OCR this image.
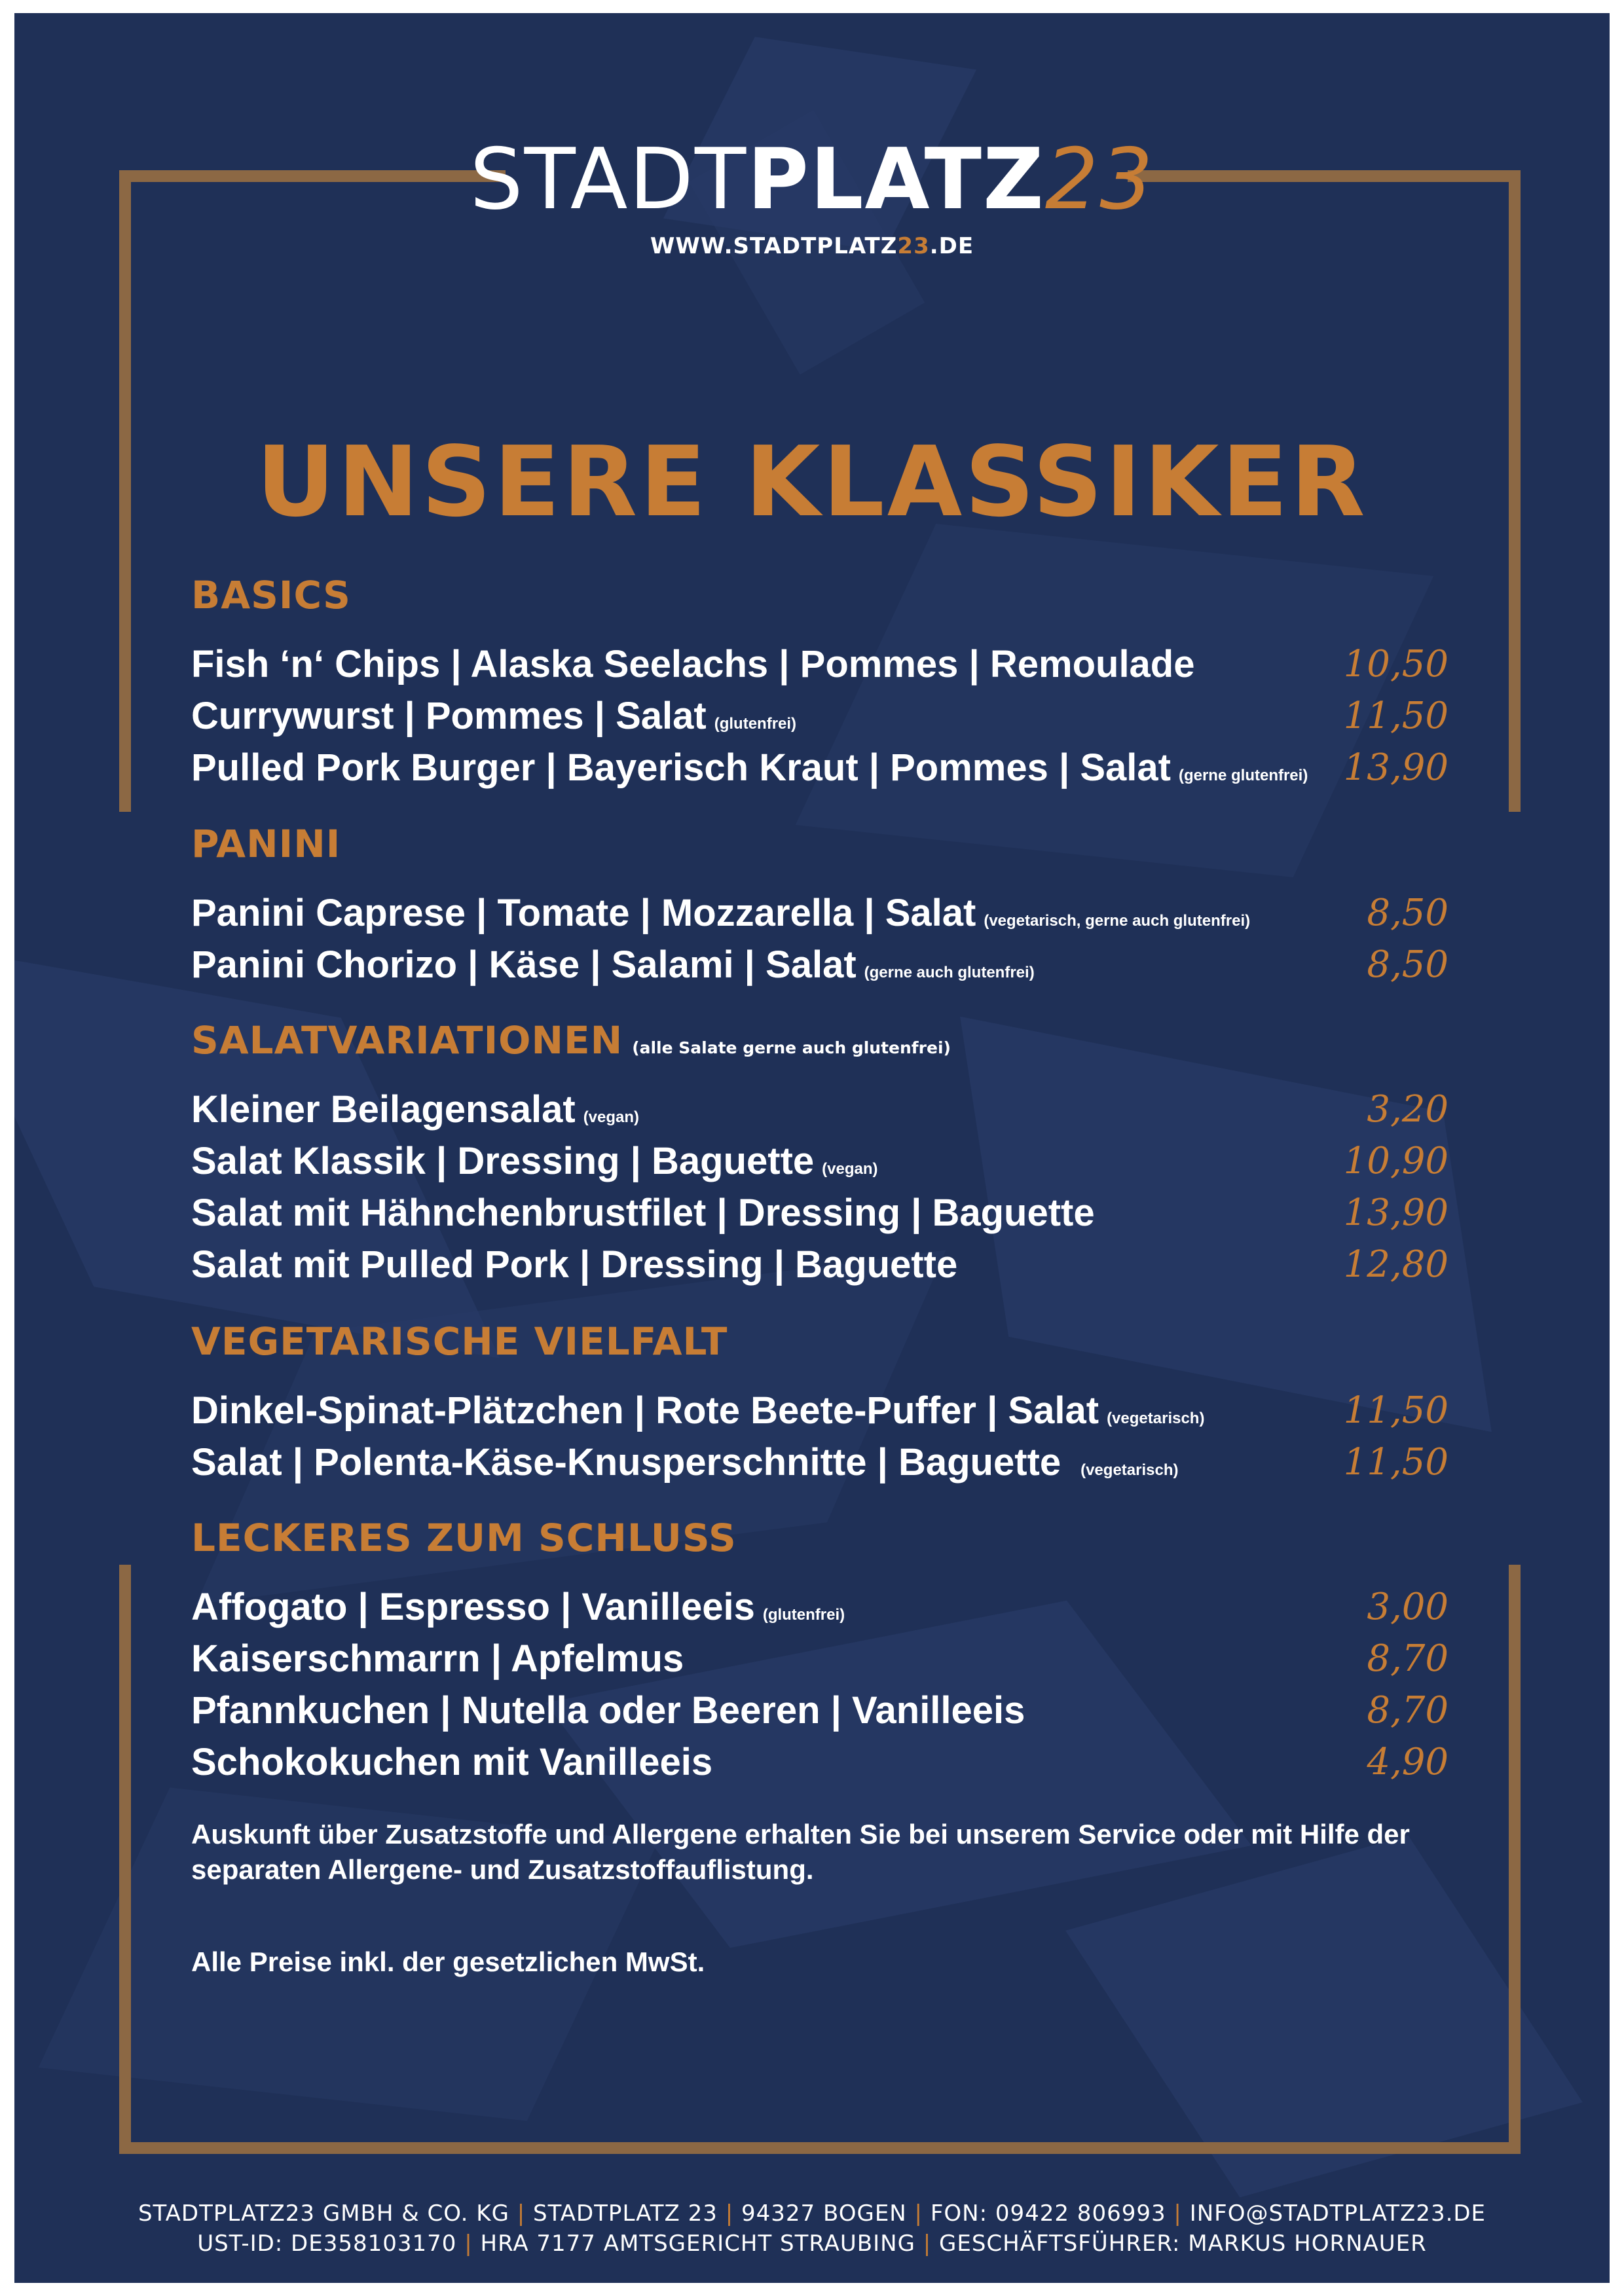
STADTPLATZ23
WWW.STADTPLATZ23.DE
UNSERE KLASSIKER
BASICS
Fish ‘n‘ Chips | Alaska Seelachs | Pommes | Remoulade	10,50
Currywurst | Pommes | Salat (glutenfrei)	11,50
Pulled Pork Burger | Bayerisch Kraut | Pommes | Salat (gerne glutenfrei) 13,90
PANINI
Panini Caprese | Tomate | Mozzarella | Salat (vegetarisch, gerne auch glutenfrei)	8,50
Panini Chorizo | Käse | Salami | Salat (gerne auch glutenfrei)	8,50
SALATVARIATIONEN (alle Salate gerne auch glutenfrei)
Kleiner Beilagensalat (vegan)	3,20
Salat Klassik | Dressing | Baguette (vegan)	10,90
Salat mit Hähnchenbrustfilet | Dressing | Baguette	13,90
Salat mit Pulled Pork | Dressing | Baguette	12,80
VEGETARISCHE VIELFALT
Dinkel-Spinat-Plätzchen | Rote Beete-Puffer | Salat (vegetarisch)	11,50
Salat | Polenta-Käse-Knusperschnitte | Baguette (vegetarisch)	11,50
LECKERES ZUM SCHLUSS
Affogato | Espresso | Vanilleeis (glutenfrei)	3,00
Kaiserschmarrn | Apfelmus	8,70
Pfannkuchen | Nutella oder Beeren | Vanilleeis	8,70
Schokokuchen mit Vanilleeis	4,90
Auskunft über Zusatzstoffe und Allergene erhalten Sie bei unserem Service oder mit Hilfe der
separaten Allergene- und Zusatzstoffauflistung.
Alle Preise inkl. der gesetzlichen MwSt.
STADTPLATZ23 GMBH & CO. KG | STADTPLATZ 23 | 94327 BOGEN | FON: 09422 806993 | INFO@STADTPLATZ23.DE
UST-ID: DE358103170 | HRA 7177 AMTSGERICHT STRAUBING | GESCHÄFTSFÜHRER: MARKUS HORNAUER
